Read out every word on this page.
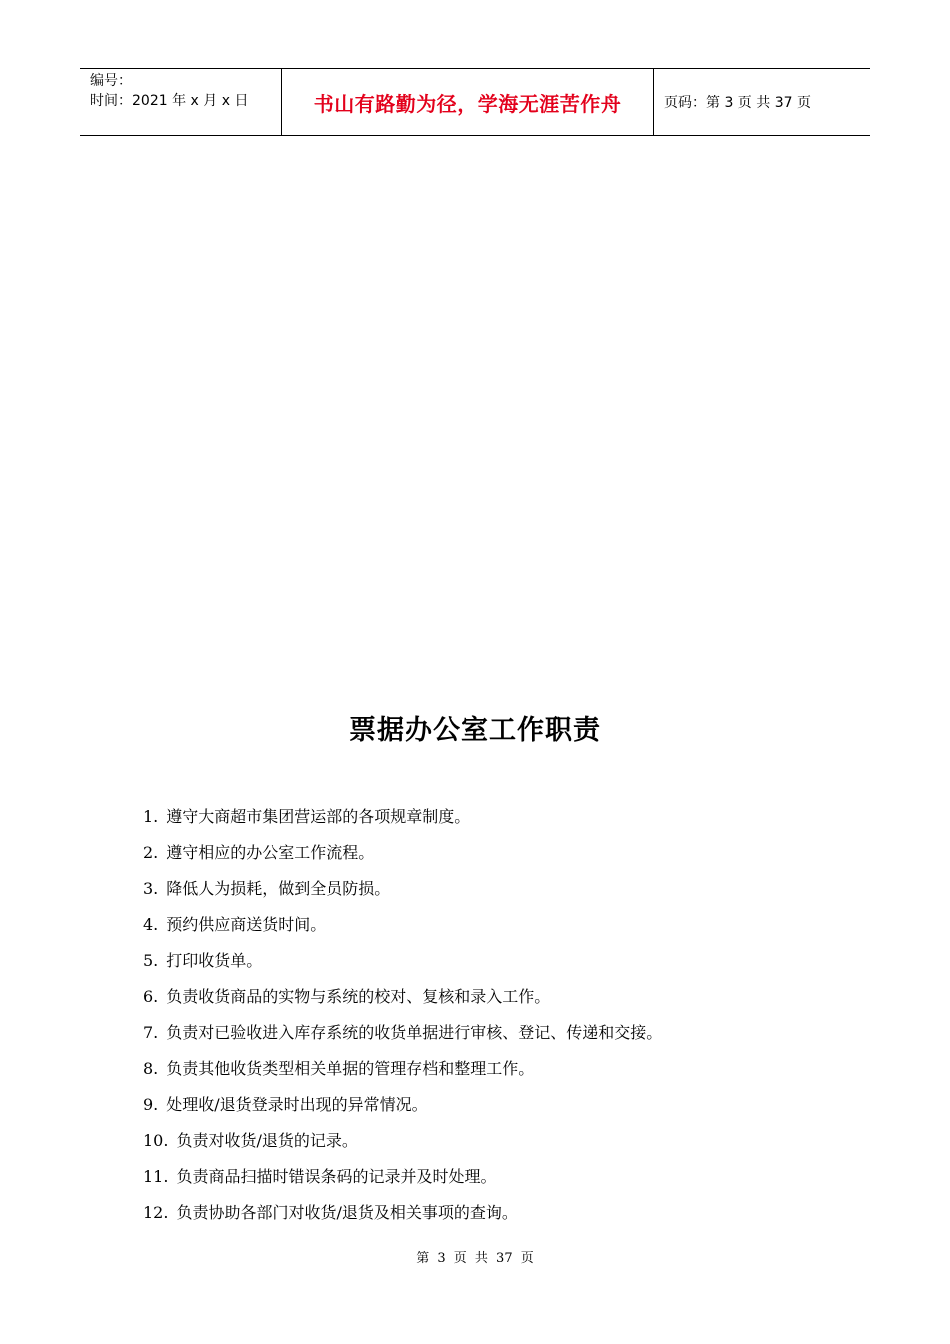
编号：
时间：2021 年 x 月 x 日	书山有路勤为径，学海无涯苦作舟	页码：第 3 页 共 37 页
票据办公室工作职责
1. 遵守大商超市集团营运部的各项规章制度。
2. 遵守相应的办公室工作流程。
3. 降低人为损耗，做到全员防损。
4. 预约供应商送货时间。
5. 打印收货单。
6. 负责收货商品的实物与系统的校对、复核和录入工作。
7. 负责对已验收进入库存系统的收货单据进行审核、登记、传递和交接。
8. 负责其他收货类型相关单据的管理存档和整理工作。
9. 处理收/退货登录时出现的异常情况。
10. 负责对收货/退货的记录。
11. 负责商品扫描时错误条码的记录并及时处理。
12. 负责协助各部门对收货/退货及相关事项的查询。
第 3 页 共 37 页
